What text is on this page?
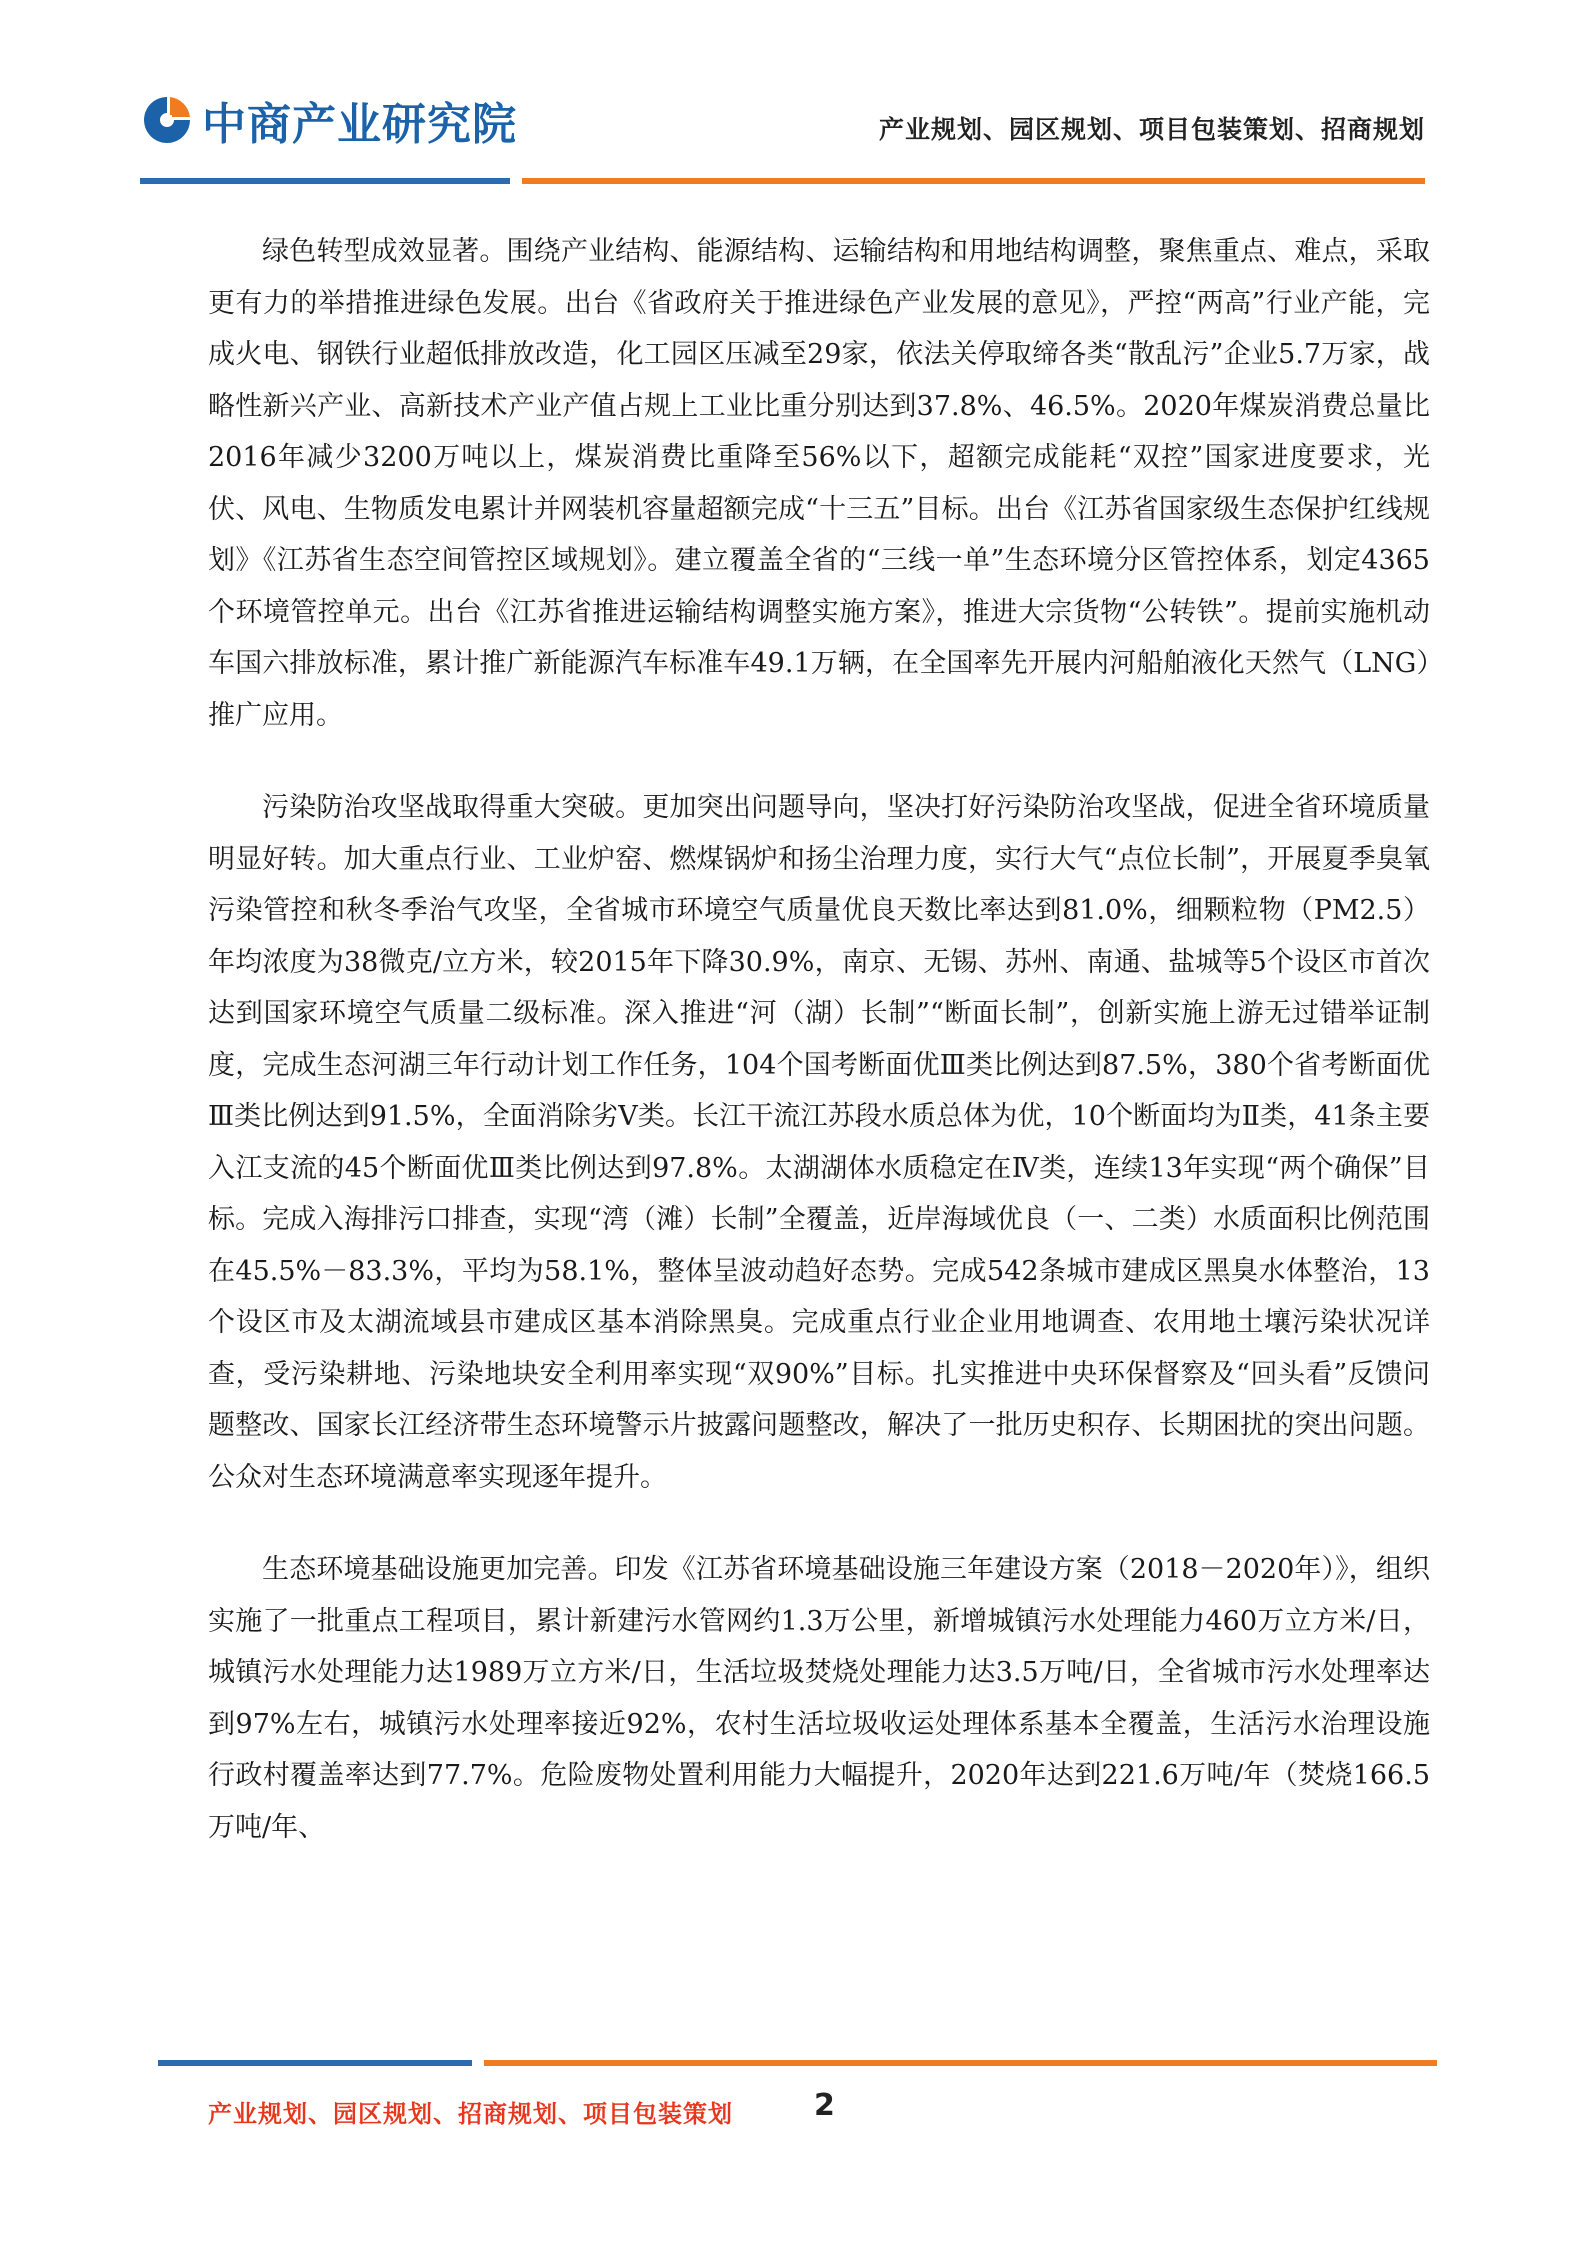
中商产业研究院	产业规划、园区规划、项目包装策划、招商规划

绿色转型成效显著。围绕产业结构、能源结构、运输结构和用地结构调整，聚焦重点、难点，采取更有力的举措推进绿色发展。出台《省政府关于推进绿色产业发展的意见》，严控“两高”行业产能，完成火电、钢铁行业超低排放改造，化工园区压减至29家，依法关停取缔各类“散乱污”企业5.7万家，战略性新兴产业、高新技术产业产值占规上工业比重分别达到37.8%、46.5%。2020年煤炭消费总量比2016年减少3200万吨以上，煤炭消费比重降至56%以下，超额完成能耗“双控”国家进度要求，光伏、风电、生物质发电累计并网装机容量超额完成“十三五”目标。出台《江苏省国家级生态保护红线规划》《江苏省生态空间管控区域规划》。建立覆盖全省的“三线一单”生态环境分区管控体系，划定4365个环境管控单元。出台《江苏省推进运输结构调整实施方案》，推进大宗货物“公转铁”。提前实施机动车国六排放标准，累计推广新能源汽车标准车49.1万辆，在全国率先开展内河船舶液化天然气（LNG）推广应用。

污染防治攻坚战取得重大突破。更加突出问题导向，坚决打好污染防治攻坚战，促进全省环境质量明显好转。加大重点行业、工业炉窑、燃煤锅炉和扬尘治理力度，实行大气“点位长制”，开展夏季臭氧污染管控和秋冬季治气攻坚，全省城市环境空气质量优良天数比率达到81.0%，细颗粒物（PM2.5）年均浓度为38微克/立方米，较2015年下降30.9%，南京、无锡、苏州、南通、盐城等5个设区市首次达到国家环境空气质量二级标准。深入推进“河（湖）长制”“断面长制”，创新实施上游无过错举证制度，完成生态河湖三年行动计划工作任务，104个国考断面优Ⅲ类比例达到87.5%，380个省考断面优Ⅲ类比例达到91.5%，全面消除劣Ⅴ类。长江干流江苏段水质总体为优，10个断面均为Ⅱ类，41条主要入江支流的45个断面优Ⅲ类比例达到97.8%。太湖湖体水质稳定在Ⅳ类，连续13年实现“两个确保”目标。完成入海排污口排查，实现“湾（滩）长制”全覆盖，近岸海域优良（一、二类）水质面积比例范围在45.5%－83.3%，平均为58.1%，整体呈波动趋好态势。完成542条城市建成区黑臭水体整治，13个设区市及太湖流域县市建成区基本消除黑臭。完成重点行业企业用地调查、农用地土壤污染状况详查，受污染耕地、污染地块安全利用率实现“双90%”目标。扎实推进中央环保督察及“回头看”反馈问题整改、国家长江经济带生态环境警示片披露问题整改，解决了一批历史积存、长期困扰的突出问题。公众对生态环境满意率实现逐年提升。

生态环境基础设施更加完善。印发《江苏省环境基础设施三年建设方案（2018－2020年）》，组织实施了一批重点工程项目，累计新建污水管网约1.3万公里，新增城镇污水处理能力460万立方米/日，城镇污水处理能力达1989万立方米/日，生活垃圾焚烧处理能力达3.5万吨/日，全省城市污水处理率达到97%左右，城镇污水处理率接近92%，农村生活垃圾收运处理体系基本全覆盖，生活污水治理设施行政村覆盖率达到77.7%。危险废物处置利用能力大幅提升，2020年达到221.6万吨/年（焚烧166.5万吨/年、

产业规划、园区规划、招商规划、项目包装策划	2
